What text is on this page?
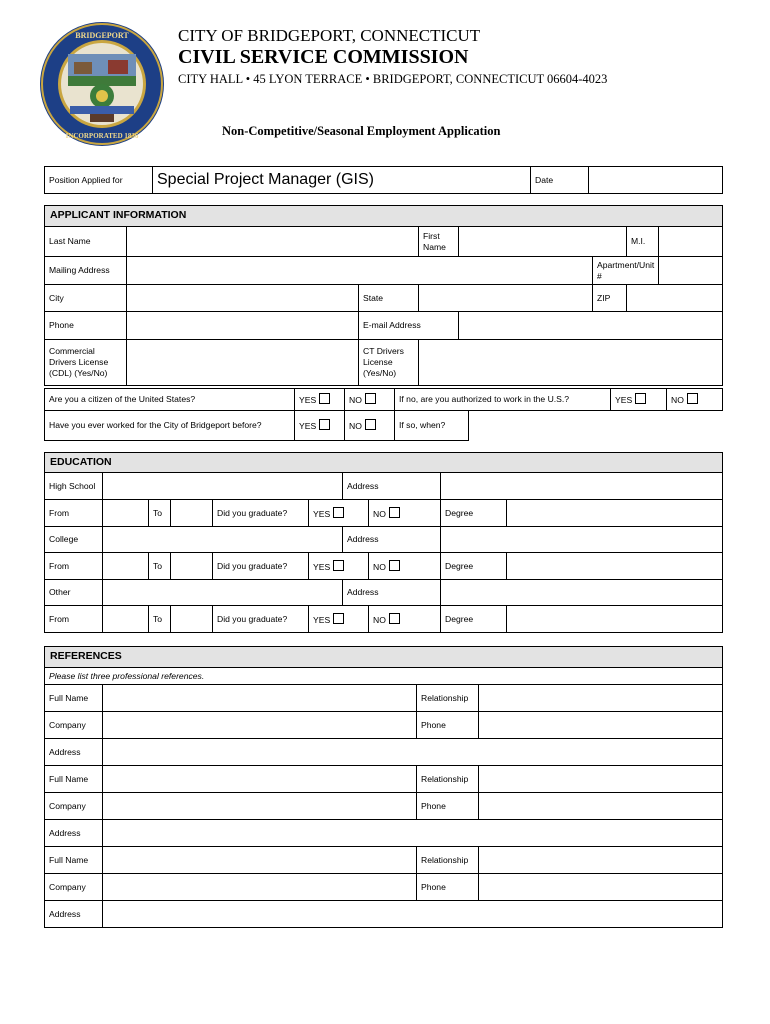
BRIDGEPORT
INCORPORATED 1836
CITY OF BRIDGEPORT, CONNECTICUT
CIVIL SERVICE COMMISSION
CITY HALL • 45 LYON TERRACE • BRIDGEPORT, CONNECTICUT 06604-4023
Non-Competitive/Seasonal Employment Application
Position Applied for	Special Project Manager (GIS)	Date	
APPLICANT INFORMATION							
Last Name			First Name			M.I.	
Mailing Address					Apartment/Unit #		
City		State			ZIP		
Phone		E-mail Address					
Commercial Drivers License (CDL) (Yes/No)		CT Drivers License (Yes/No)					
Are you a citizen of the United States?	YES	NO	If no, are you authorized to work in the U.S.?	YES	NO
Have you ever worked for the City of Bridgeport before?	YES	NO	If so, when?	
EDUCATION									
High School						Address			
From		To		Did you graduate?	YES		NO	Degree	
College						Address			
From		To		Did you graduate?	YES		NO	Degree	
Other						Address			
From		To		Did you graduate?	YES		NO	Degree	
REFERENCES			
Please list three professional references.			
Full Name		Relationship	
Company		Phone	
Address			
Full Name		Relationship	
Company		Phone	
Address			
Full Name		Relationship	
Company		Phone	
Address			
